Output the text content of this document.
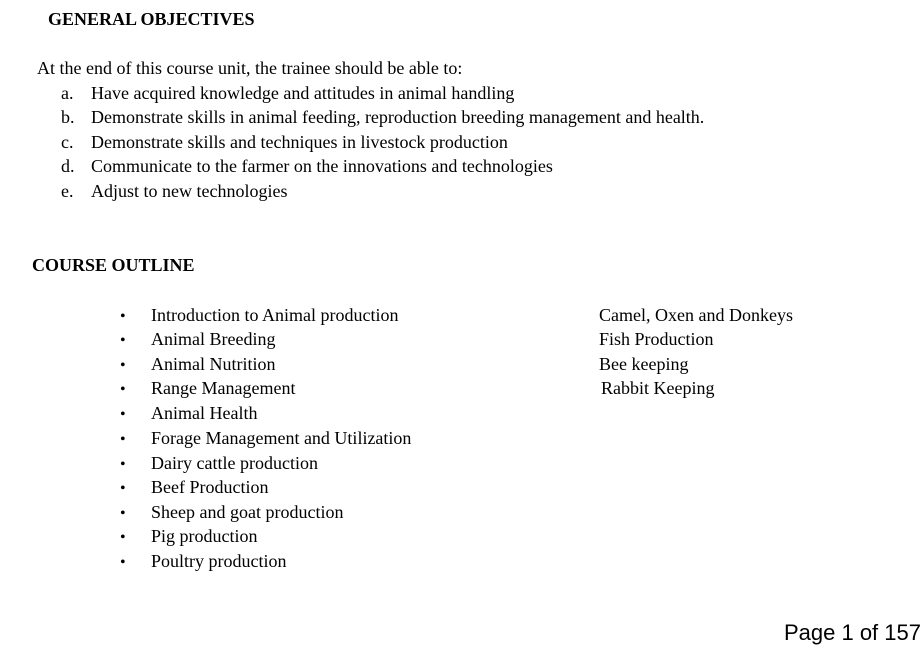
GENERAL OBJECTIVES
At the end of this course unit, the trainee should be able to:
a. Have acquired knowledge and attitudes in animal handling
b. Demonstrate skills in animal feeding, reproduction breeding management and health.
c. Demonstrate skills and techniques in livestock production
d. Communicate to the farmer on the innovations and technologies
e. Adjust to new technologies
COURSE OUTLINE
• Introduction to Animal production
• Animal Breeding
• Animal Nutrition
• Range Management
• Animal Health
• Forage Management and Utilization
• Dairy cattle production
• Beef Production
• Sheep and goat production
• Pig production
• Poultry production
Camel, Oxen and Donkeys
Fish Production
Bee keeping
Rabbit Keeping
Page 1 of 157
